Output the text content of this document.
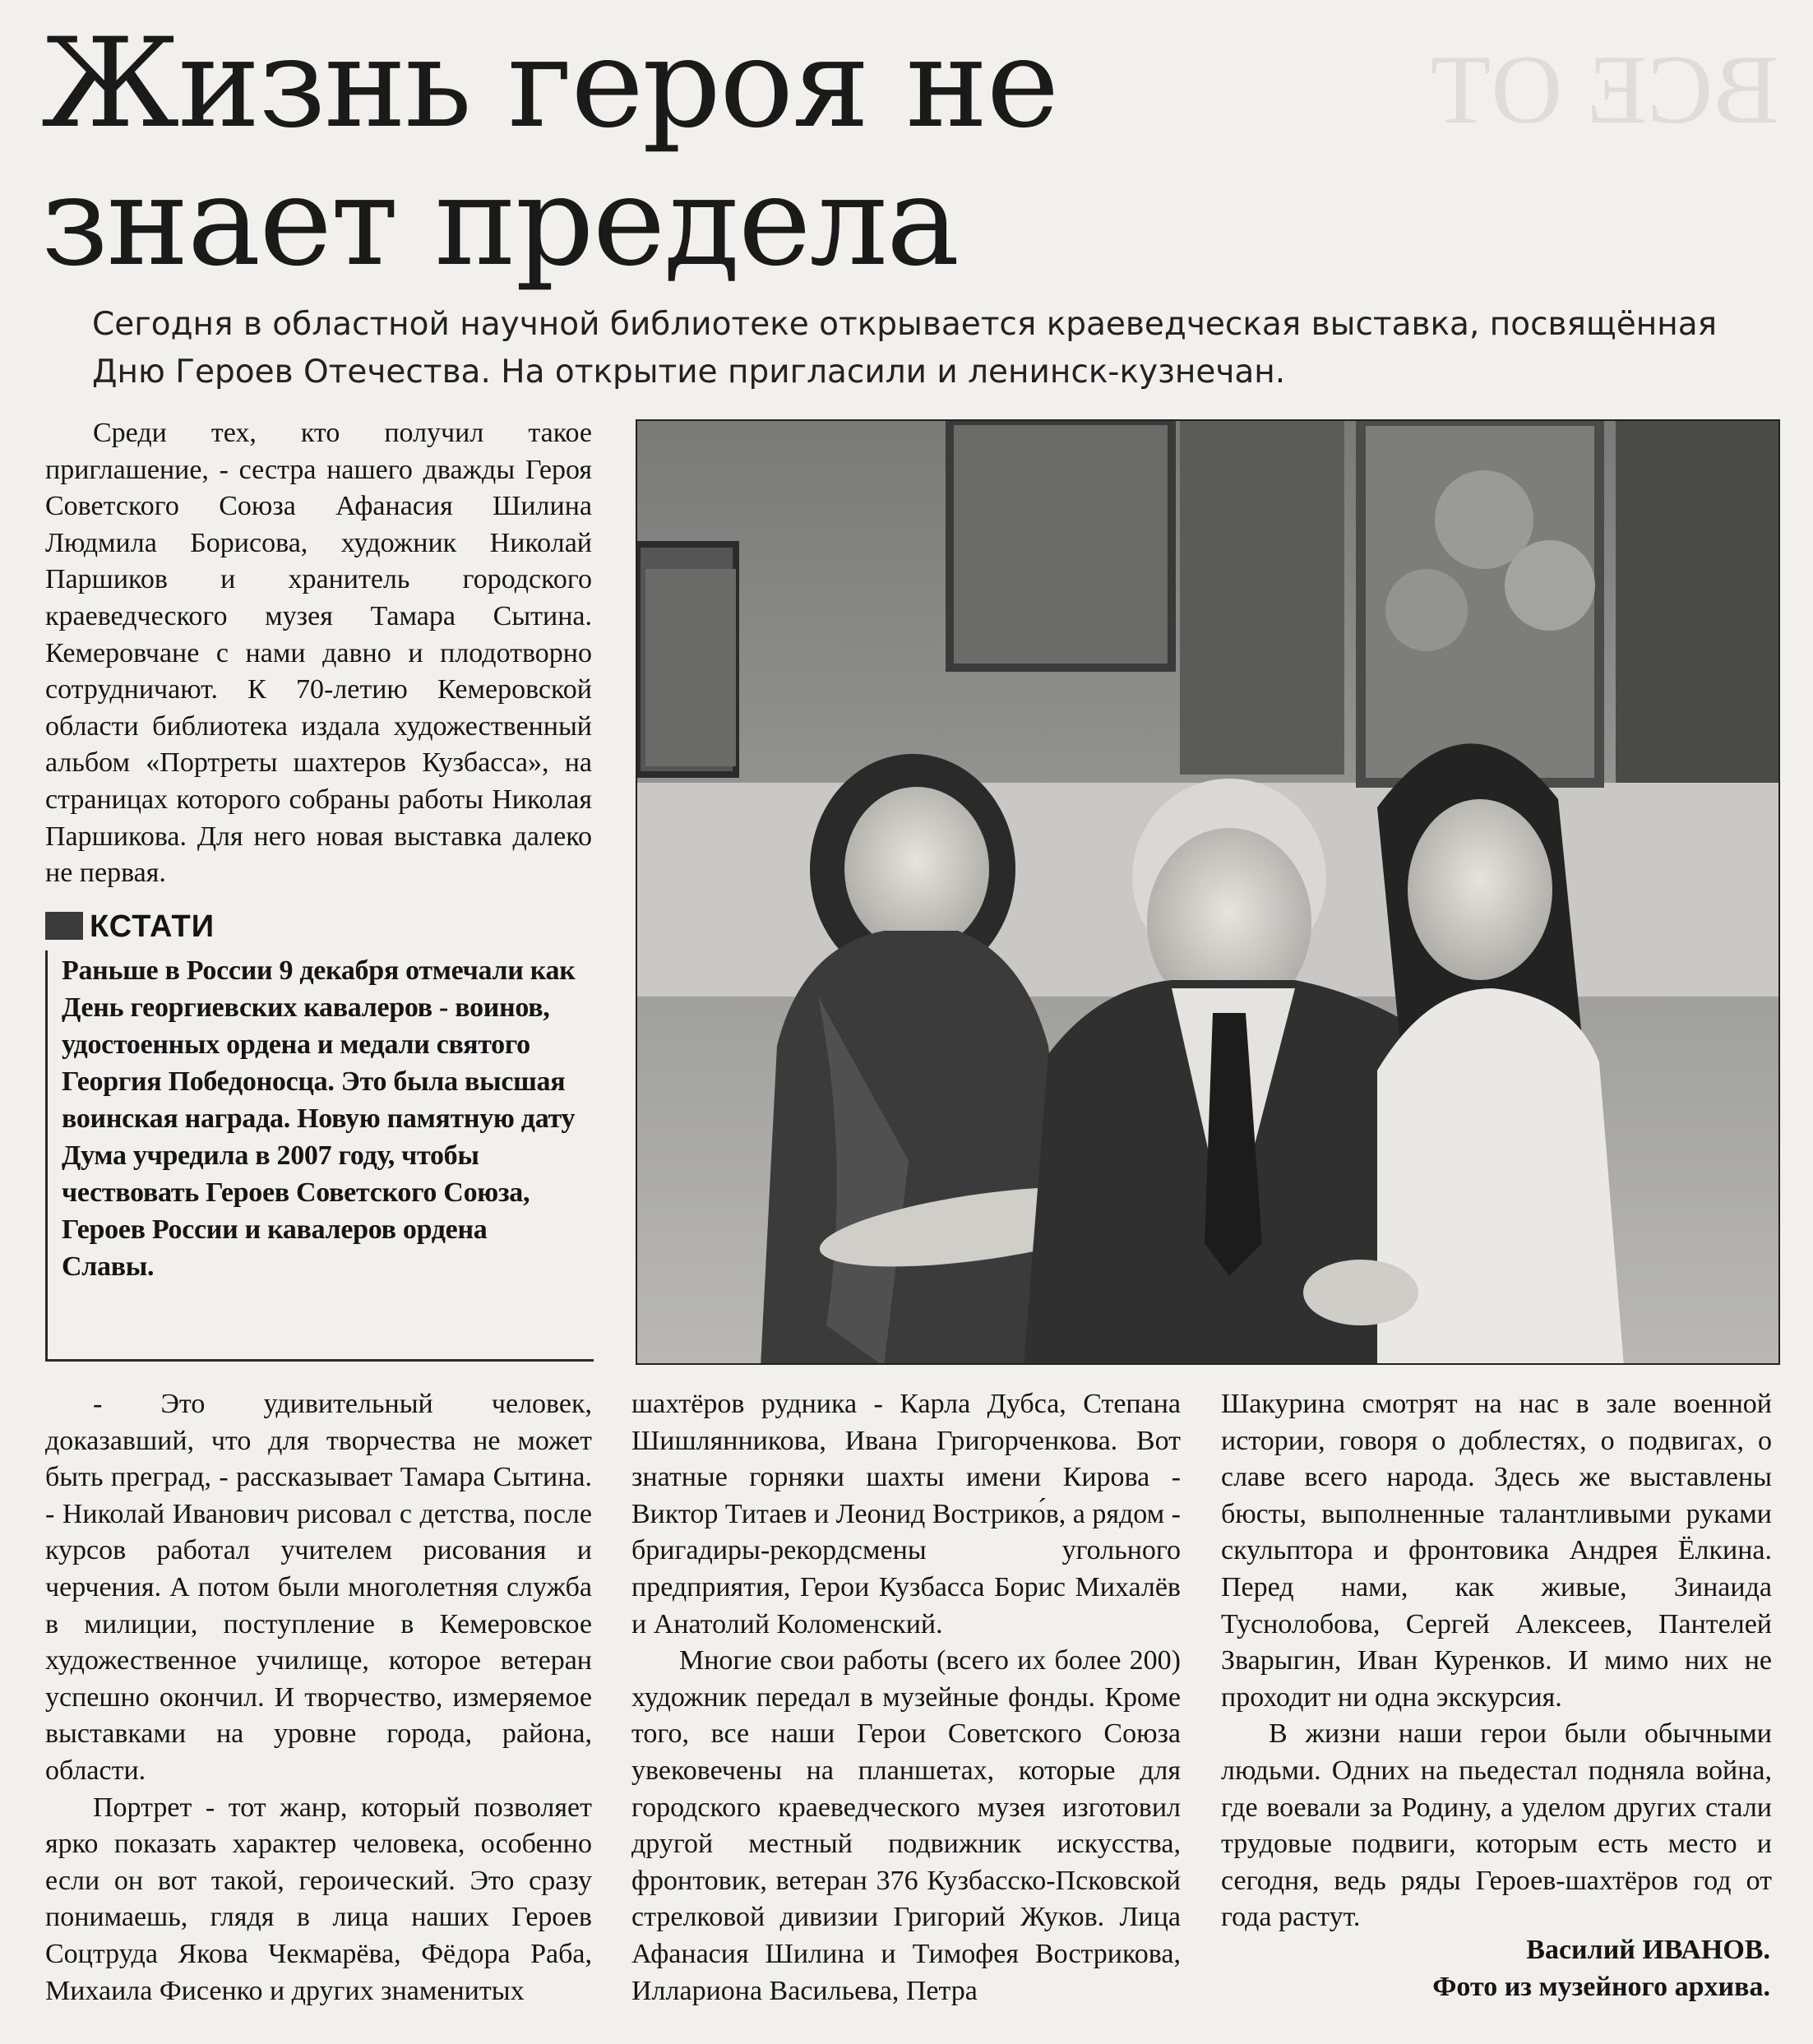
ВСЕ ОТ
Жизнь героя не знает предела

Сегодня в областной научной библиотеке открывается краеведческая выставка, посвящённая Дню Героев Отечества. На открытие пригласили и ленинск-кузнечан.

Среди тех, кто получил такое приглашение, - сестра нашего дважды Героя Советского Союза Афанасия Шилина Людмила Борисова, художник Николай Паршиков и хранитель городского краеведческого музея Тамара Сытина. Кемеровчане с нами давно и плодотворно сотрудничают. К 70-летию Кемеровской области библиотека издала художественный альбом «Портреты шахтеров Кузбасса», на страницах которого собраны работы Николая Паршикова. Для него новая выставка далеко не первая.

КСТАТИ

Раньше в России 9 декабря отмечали как День георгиевских кавалеров - воинов, удостоенных ордена и медали святого Георгия Победоносца. Это была высшая воинская награда. Новую памятную дату Дума учредила в 2007 году, чтобы чествовать Героев Советского Союза, Героев России и кавалеров ордена Славы.

- Это удивительный человек, доказавший, что для творчества не может быть преград, - рассказывает Тамара Сытина. - Николай Иванович рисовал с детства, после курсов работал учителем рисования и черчения. А потом были многолетняя служба в милиции, поступление в Кемеровское художественное училище, которое ветеран успешно окончил. И творчество, измеряемое выставками на уровне города, района, области.

Портрет - тот жанр, который позволяет ярко показать характер человека, особенно если он вот такой, героический. Это сразу понимаешь, глядя в лица наших Героев Соцтруда Якова Чекмарёва, Фёдора Раба, Михаила Фисенко и других знаменитых

шахтёров рудника - Карла Дубса, Степана Шишлянникова, Ивана Григорченкова. Вот знатные горняки шахты имени Кирова - Виктор Титаев и Леонид Вострико́в, а рядом - бригадиры-рекордсмены угольного предприятия, Герои Кузбасса Борис Михалёв и Анатолий Коломенский.

Многие свои работы (всего их более 200) художник передал в музейные фонды. Кроме того, все наши Герои Советского Союза увековечены на планшетах, которые для городского краеведческого музея изготовил другой местный подвижник искусства, фронтовик, ветеран 376 Кузбасско-Псковской стрелковой дивизии Григорий Жуков. Лица Афанасия Шилина и Тимофея Вострикова, Иллариона Васильева, Петра

Шакурина смотрят на нас в зале военной истории, говоря о доблестях, о подвигах, о славе всего народа. Здесь же выставлены бюсты, выполненные талантливыми руками скульптора и фронтовика Андрея Ёлкина. Перед нами, как живые, Зинаида Туснолобова, Сергей Алексеев, Пантелей Зварыгин, Иван Куренков. И мимо них не проходит ни одна экскурсия.

В жизни наши герои были обычными людьми. Одних на пьедестал подняла война, где воевали за Родину, а уделом других стали трудовые подвиги, которым есть место и сегодня, ведь ряды Героев-шахтёров год от года растут.

Василий ИВАНОВ.
Фото из музейного архива.
